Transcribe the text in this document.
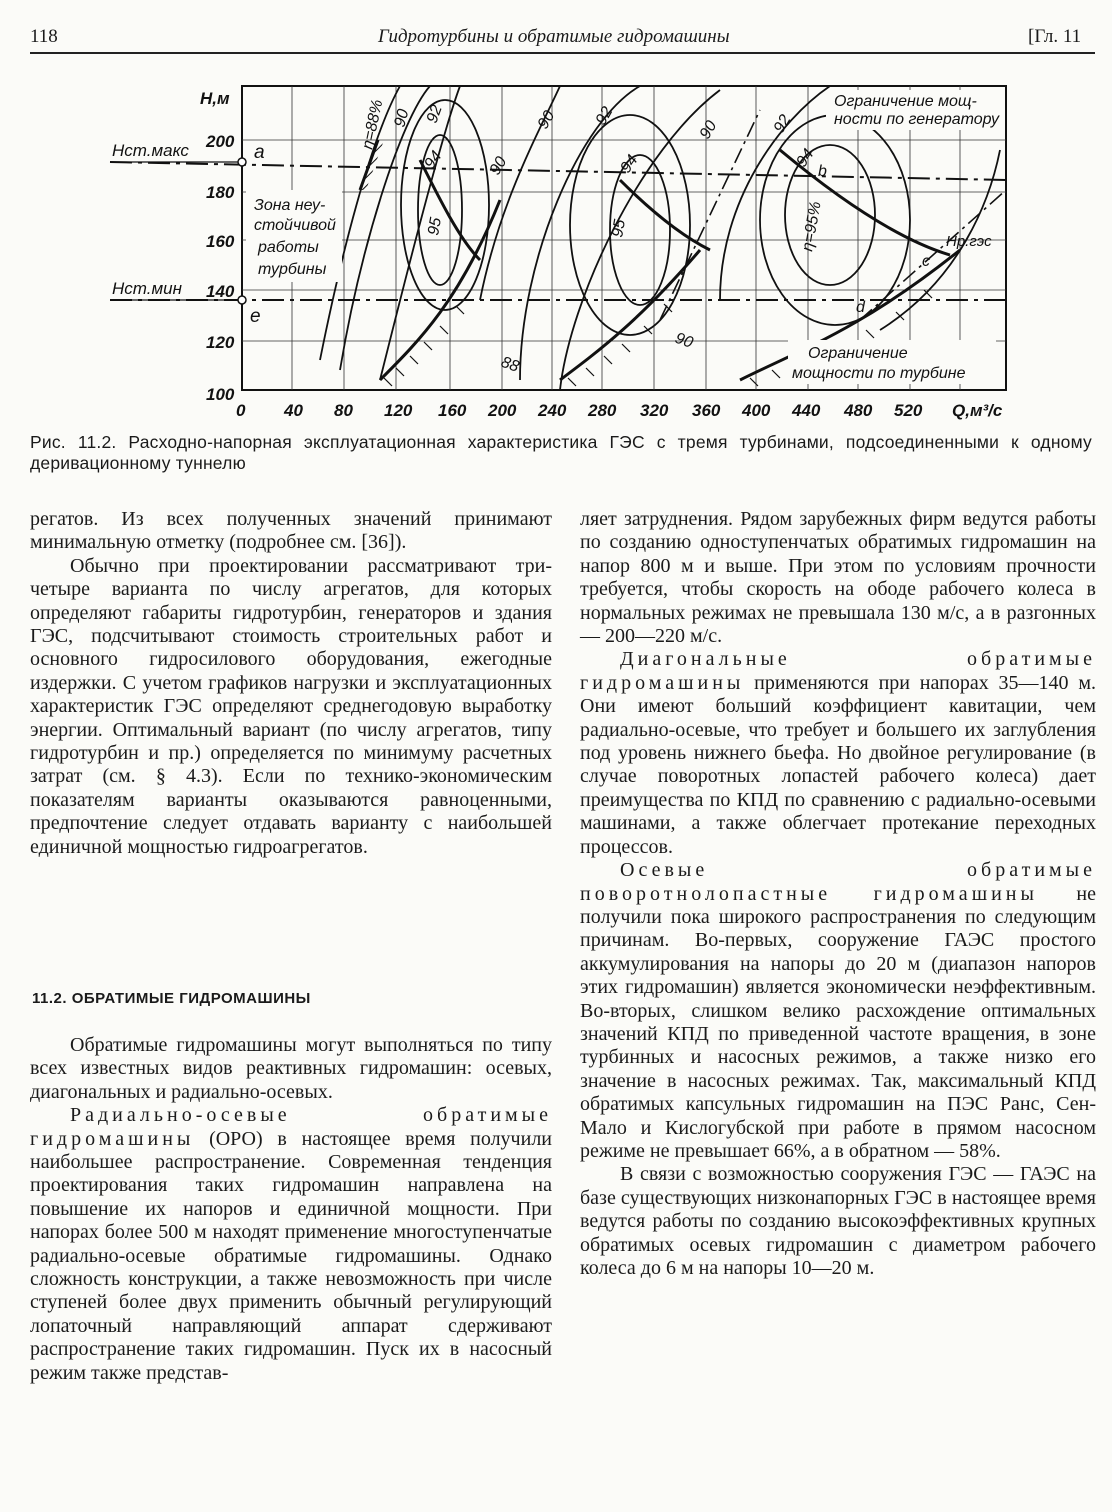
118	Гидротурбины и обратимые гидромашины	[Гл. 11
H,м
200
180
160
140
120
100
0 40 80 120 160 200 240 280 320 360 400 440 480 520 Q,м³/с
Hст.макс
Hст.мин
a
e
b
c
d
Hр.гэс
Зона неу-
стойчивой
работы
турбины
Ограничение мощ-
ности по генератору
Ограничение
мощности по турбине
η=88% 90 92
94
95
90 92
94
95
90	92
94
η=95%
88
90
90
Рис. 11.2. Расходно-напорная эксплуатационная характеристика ГЭС с тремя турбинами, подсоединенными к одному деривационному туннелю

регатов. Из всех полученных значений принимают минимальную отметку (подробнее см. [36]).

Обычно при проектировании рассматривают три-четыре варианта по числу агрегатов, для которых определяют габариты гидротурбин, генераторов и здания ГЭС, подсчитывают стоимость строительных работ и основного гидросилового оборудования, ежегодные издержки. С учетом графиков нагрузки и эксплуатационных характеристик ГЭС определяют среднегодовую выработку энергии. Оптимальный вариант (по числу агрегатов, типу гидротурбин и пр.) определяется по минимуму расчетных затрат (см. § 4.3). Если по технико-экономическим показателям варианты оказываются равноценными, предпочтение следует отдавать варианту с наибольшей единичной мощностью гидроагрегатов.

11.2. ОБРАТИМЫЕ ГИДРОМАШИНЫ

Обратимые гидромашины могут выполняться по типу всех известных видов реактивных гидромашин: осевых, диагональных и радиально-осевых.

Радиально-осевые обратимые гидромашины (ОРО) в настоящее время получили наибольшее распространение. Современная тенденция проектирования таких гидромашин направлена на повышение их напоров и единичной мощности. При напорах более 500 м находят применение многоступенчатые радиально-осевые обратимые гидромашины. Однако сложность конструкции, а также невозможность при числе ступеней более двух применить обычный регулирующий лопаточный направляющий аппарат сдерживают распространение таких гидромашин. Пуск их в насосный режим также представ-

ляет затруднения. Рядом зарубежных фирм ведутся работы по созданию одноступенчатых обратимых гидромашин на напор 800 м и выше. При этом по условиям прочности требуется, чтобы скорость на ободе рабочего колеса в нормальных режимах не превышала 130 м/с, а в разгонных — 200—220 м/с.

Диагональные обратимые гидромашины применяются при напорах 35—140 м. Они имеют больший коэффициент кавитации, чем радиально-осевые, что требует и большего их заглубления под уровень нижнего бьефа. Но двойное регулирование (в случае поворотных лопастей рабочего колеса) дает преимущества по КПД по сравнению с радиально-осевыми машинами, а также облегчает протекание переходных процессов.

Осевые обратимые поворотнолопастные гидромашины не получили пока широкого распространения по следующим причинам. Во-первых, сооружение ГАЭС простого аккумулирования на напоры до 20 м (диапазон напоров этих гидромашин) является экономически неэффективным. Во-вторых, слишком велико расхождение оптимальных значений КПД по приведенной частоте вращения, в зоне турбинных и насосных режимов, а также низко его значение в насосных режимах. Так, максимальный КПД обратимых капсульных гидромашин на ПЭС Ранс, Сен-Мало и Кислогубской при работе в прямом насосном режиме не превышает 66%, а в обратном — 58%.

В связи с возможностью сооружения ГЭС — ГАЭС на базе существующих низконапорных ГЭС в настоящее время ведутся работы по созданию высокоэффективных крупных обратимых осевых гидромашин с диаметром рабочего колеса до 6 м на напоры 10—20 м.
